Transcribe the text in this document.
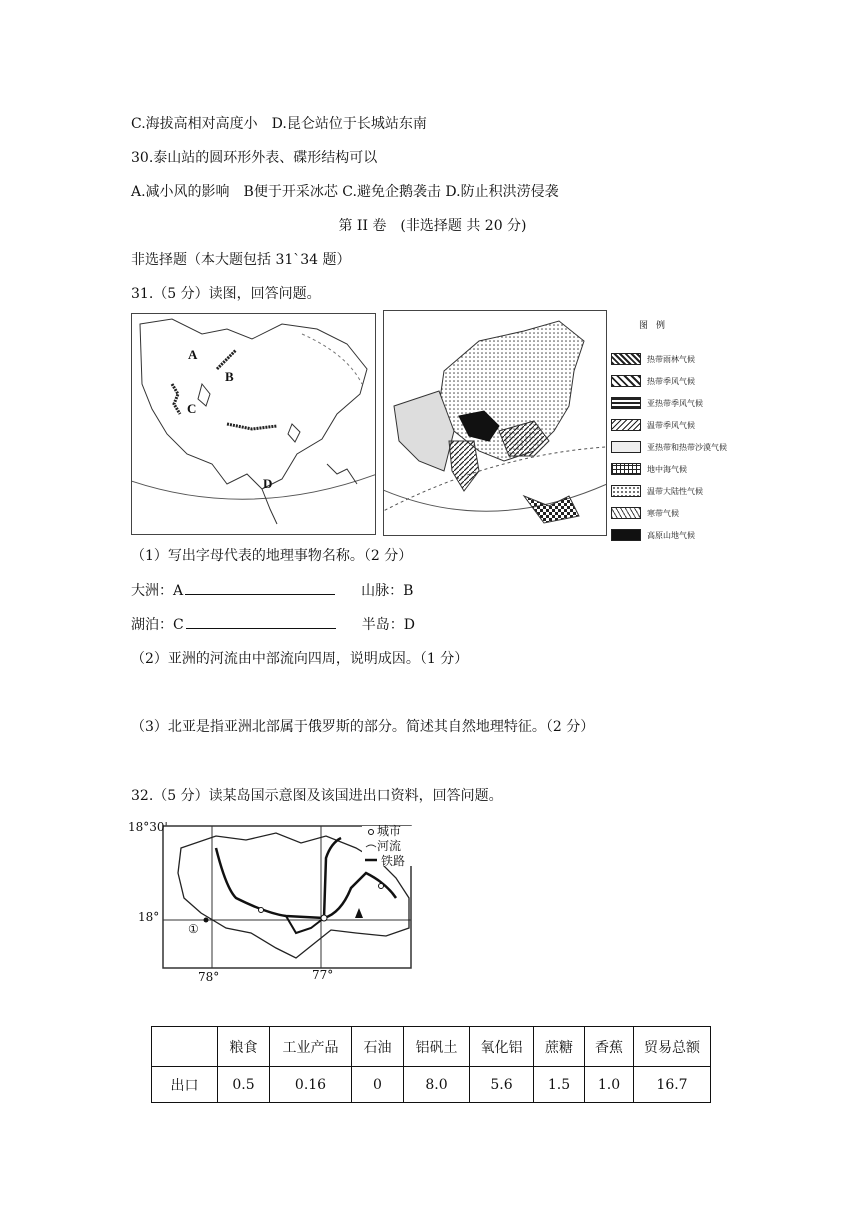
C.海拔高相对高度小　D.昆仑站位于长城站东南
30.泰山站的圆环形外表、碟形结构可以
A.减小风的影响　B便于开采冰芯 C.避免企鹅袭击 D.防止积洪涝侵袭
第 II 卷　(非选择题 共 20 分)
非选择题（本大题包括 31`34 题）
31.（5 分）读图，回答问题。
A
B
C
D
图例
热带雨林气候
热带季风气候
亚热带季风气候
温带季风气候
亚热带和热带沙漠气候
地中海气候
温带大陆性气候
寒带气候
高原山地气候
（1）写出字母代表的地理事物名称。（2 分）
大洲：A	山脉：B
湖泊：C	半岛：D
（2）亚洲的河流由中部流向四周，说明成因。（1 分）
（3）北亚是指亚洲北部属于俄罗斯的部分。简述其自然地理特征。（2 分）
32.（5 分）读某岛国示意图及该国进出口资料，回答问题。
18°30'
18°
78°	77°
①
城市
河流
铁路
	粮食	工业产品	石油	铝矾土	氧化铝	蔗糖	香蕉	贸易总额
出口	0.5	0.16	0	8.0	5.6	1.5	1.0	16.7
